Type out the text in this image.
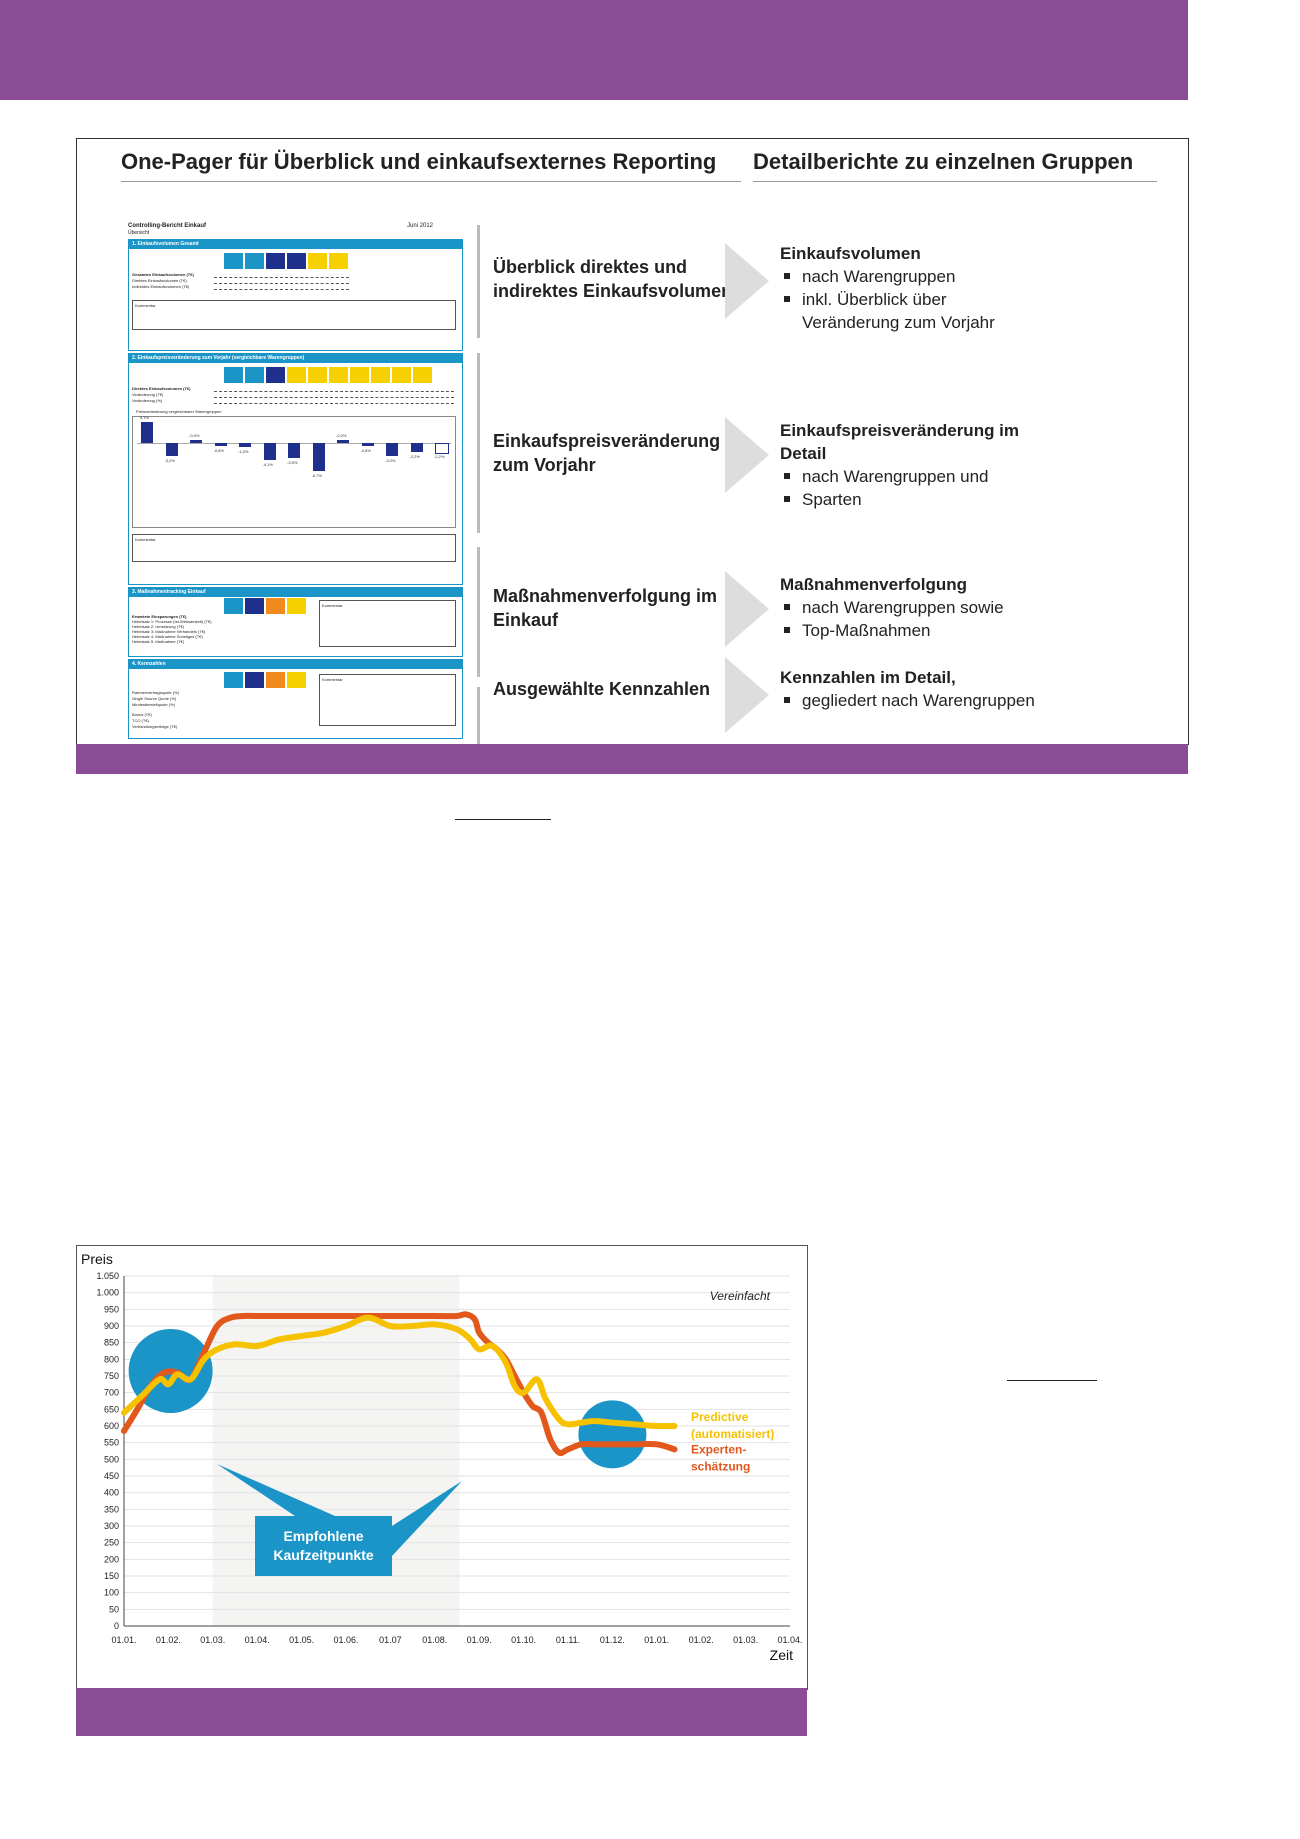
One-Pager für Überblick und einkaufsexternes Reporting	Detailberichte zu einzelnen Gruppen
Controlling-Bericht Einkauf
Übersicht
Juni 2012
1. Einkaufsvolumen Gesamt
Gesamtes Einkaufsvolumen (T€)
Direktes Einkaufsvolumen (T€)
Indirektes Einkaufsvolumen (T€)
Kommentar
2. Einkaufspreisveränderung zum Vorjahr (vergleichbare Warengruppen)
Direktes Einkaufsvolumen (T€)
Veränderung (T€)
Veränderung (%)
Preisveränderung vergleichbarer Warengruppen
5,1%
-3,2%
-0,0%
-0,8%	-1,0%
-4,1%
-3,5%
-6,7%
-0,0%
-0,8%
-3,0%
-2,2%	-2,2%
Kommentar
3. Maßnahmentracking Einkauf
Erwartete Einsparungen (T€)
Hebelsatz 1: Prozesse (Ist-Wirksamkeit) (T€)
Hebelsatz 2: Umsetzung (T€)
Hebelsatz 3: Maßnahme Verhandeln (T€)
Hebelsatz 4: Maßnahme Sonstiges (T€)
Hebelsatz 5: Maßnahme (T€)
Kommentar
4. Kennzahlen
Rahmenvertragsquote (%)
Single Source Quote (%)
Mindestbestellquote (%)
Bonus (T€)
TCO (T€)
Verhandlungserfolge (T€)
Kommentar
Überblick direktes und
indirektes Einkaufsvolumen
Einkaufsvolumen
nach Warengruppen
inkl. Überblick über
Veränderung zum Vorjahr
Einkaufspreisveränderung
zum Vorjahr
Einkaufspreisveränderung im Detail
nach Warengruppen und
Sparten
Maßnahmenverfolgung im
Einkauf
Maßnahmenverfolgung
nach Warengruppen sowie
Top-Maßnahmen
Ausgewählte Kennzahlen
Kennzahlen im Detail,
gegliedert nach Warengruppen
0
50
100
150
200
250
300
350
400
450
500
550
600
650
700
750
800
850
900
950
1.000
1.050
01.01. 01.02. 01.03. 01.04. 01.05. 01.06. 01.07 01.08. 01.09. 01.10. 01.11. 01.12. 01.01. 01.02. 01.03. 01.04.
Preis
Zeit
Vereinfacht
Predictive
(automatisiert)
Experten-
schätzung
Empfohlene
Kaufzeitpunkte
